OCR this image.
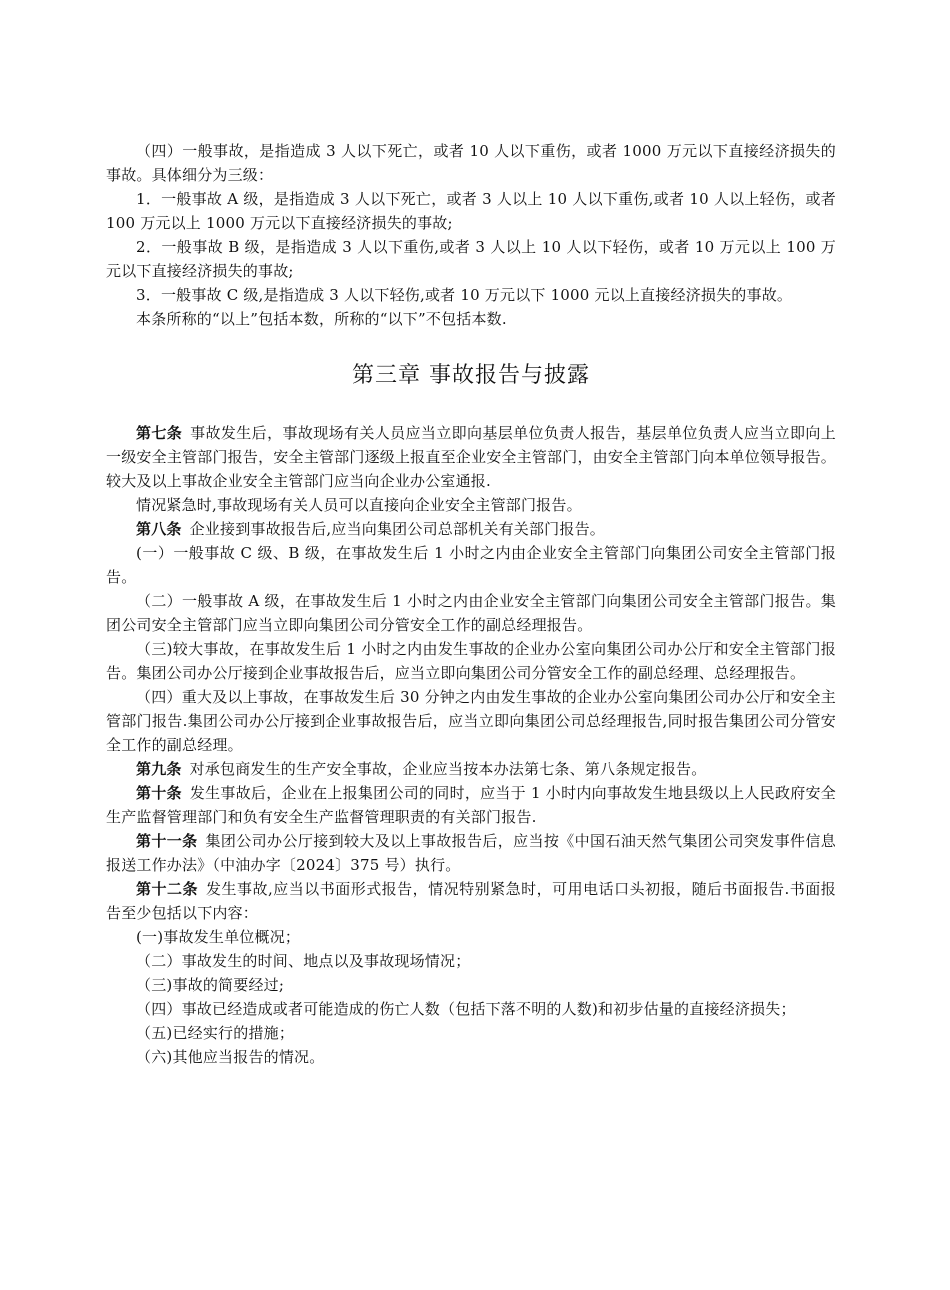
（四）一般事故，是指造成 3 人以下死亡，或者 10 人以下重伤，或者 1000 万元以下直接经济损失的事故。具体细分为三级：

1．一般事故 A 级，是指造成 3 人以下死亡，或者 3 人以上 10 人以下重伤,或者 10 人以上轻伤，或者 100 万元以上 1000 万元以下直接经济损失的事故;

2．一般事故 B 级，是指造成 3 人以下重伤,或者 3 人以上 10 人以下轻伤，或者 10 万元以上 100 万元以下直接经济损失的事故;

3．一般事故 C 级,是指造成 3 人以下轻伤,或者 10 万元以下 1000 元以上直接经济损失的事故。

本条所称的“以上”包括本数，所称的“以下”不包括本数.

第三章 事故报告与披露

第七条 事故发生后，事故现场有关人员应当立即向基层单位负责人报告，基层单位负责人应当立即向上一级安全主管部门报告，安全主管部门逐级上报直至企业安全主管部门，由安全主管部门向本单位领导报告。较大及以上事故企业安全主管部门应当向企业办公室通报.

情况紧急时,事故现场有关人员可以直接向企业安全主管部门报告。

第八条 企业接到事故报告后,应当向集团公司总部机关有关部门报告。

(一）一般事故 C 级、B 级，在事故发生后 1 小时之内由企业安全主管部门向集团公司安全主管部门报告。

（二）一般事故 A 级，在事故发生后 1 小时之内由企业安全主管部门向集团公司安全主管部门报告。集团公司安全主管部门应当立即向集团公司分管安全工作的副总经理报告。

（三)较大事故，在事故发生后 1 小时之内由发生事故的企业办公室向集团公司办公厅和安全主管部门报告。集团公司办公厅接到企业事故报告后，应当立即向集团公司分管安全工作的副总经理、总经理报告。

（四）重大及以上事故，在事故发生后 30 分钟之内由发生事故的企业办公室向集团公司办公厅和安全主管部门报告.集团公司办公厅接到企业事故报告后，应当立即向集团公司总经理报告,同时报告集团公司分管安全工作的副总经理。

第九条 对承包商发生的生产安全事故，企业应当按本办法第七条、第八条规定报告。

第十条 发生事故后，企业在上报集团公司的同时，应当于 1 小时内向事故发生地县级以上人民政府安全生产监督管理部门和负有安全生产监督管理职责的有关部门报告.

第十一条 集团公司办公厅接到较大及以上事故报告后，应当按《中国石油天然气集团公司突发事件信息报送工作办法》（中油办字〔2024〕375 号）执行。

第十二条 发生事故,应当以书面形式报告，情况特别紧急时，可用电话口头初报，随后书面报告.书面报告至少包括以下内容：

(一)事故发生单位概况；

（二）事故发生的时间、地点以及事故现场情况；

（三)事故的简要经过;

（四）事故已经造成或者可能造成的伤亡人数（包括下落不明的人数)和初步估量的直接经济损失；

（五)已经实行的措施；

（六)其他应当报告的情况。
